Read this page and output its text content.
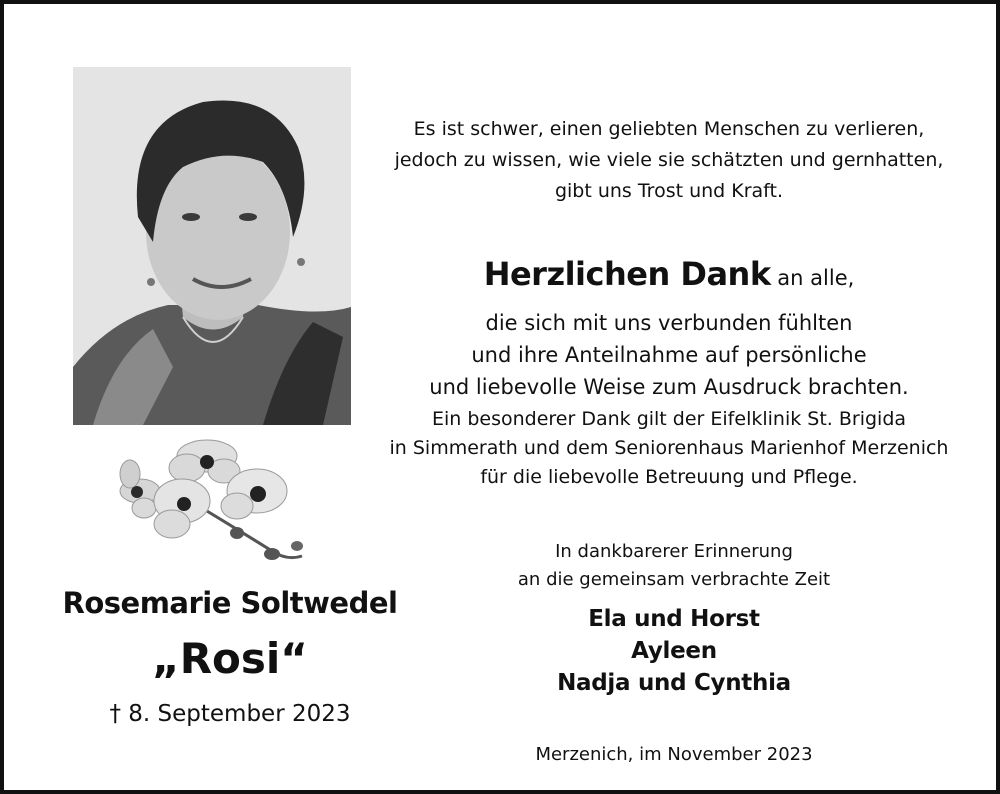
Rosemarie Soltwedel
„Rosi“
† 8. September 2023
Es ist schwer, einen geliebten Menschen zu verlieren,
jedoch zu wissen, wie viele sie schätzten und gernhatten,
gibt uns Trost und Kraft.
Herzlichen Dank an alle,
die sich mit uns verbunden fühlten
und ihre Anteilnahme auf persönliche
und liebevolle Weise zum Ausdruck brachten.
Ein besonderer Dank gilt der Eifelklinik St. Brigida
in Simmerath und dem Seniorenhaus Marienhof Merzenich
für die liebevolle Betreuung und Pflege.
In dankbarerer Erinnerung
an die gemeinsam verbrachte Zeit
Ela und Horst
Ayleen
Nadja und Cynthia
Merzenich, im November 2023
